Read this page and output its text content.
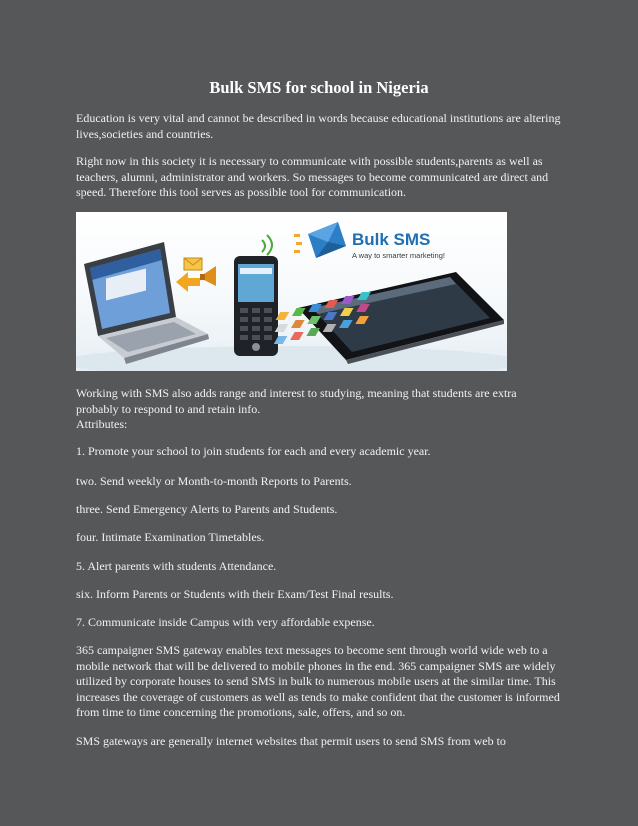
Bulk SMS for school in Nigeria

Education is very vital and cannot be described in words because educational institutions are altering lives,societies and countries.

Right now in this society it is necessary to communicate with possible students,parents as well as teachers, alumni, administrator and workers. So messages to become communicated are direct and speed. Therefore this tool serves as possible tool for communication.

Bulk SMS
A way to smarter marketing!

Working with SMS also adds range and interest to studying, meaning that students are extra
probably to respond to and retain info.
Attributes:

1. Promote your school to join students for each and every academic year.

two. Send weekly or Month-to-month Reports to Parents.

three. Send Emergency Alerts to Parents and Students.

four. Intimate Examination Timetables.

5. Alert parents with students Attendance.

six. Inform Parents or Students with their Exam/Test Final results.

7. Communicate inside Campus with very affordable expense.

365 campaigner SMS gateway enables text messages to become sent through world wide web to a mobile network that will be delivered to mobile phones in the end. 365 campaigner SMS are widely utilized by corporate houses to send SMS in bulk to numerous mobile users at the similar time. This increases the coverage of customers as well as tends to make confident that the customer is informed from time to time concerning the promotions, sale, offers, and so on.

SMS gateways are generally internet websites that permit users to send SMS from web to
